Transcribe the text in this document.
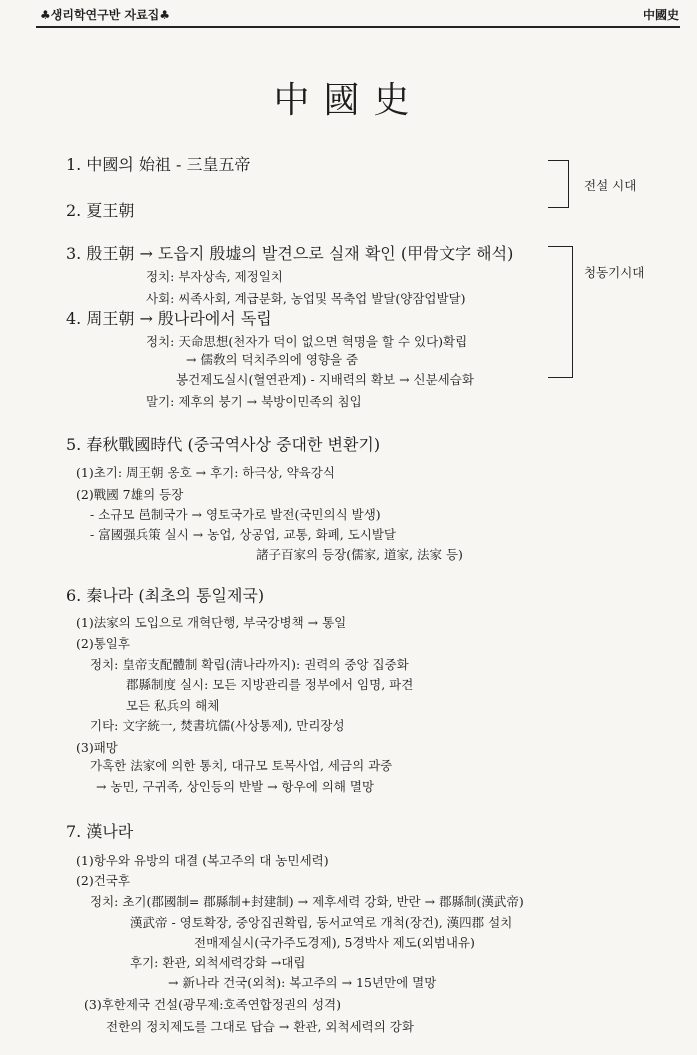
♣생리학연구반 자료집♣	中國史
中國史
전설 시대
청동기시대
1. 中國의 始祖 - 三皇五帝
2. 夏王朝
3. 殷王朝 → 도읍지 殷墟의 발견으로 실재 확인 (甲骨文字 해석)
정치: 부자상속, 제정일치
사회: 씨족사회, 계급분화, 농업및 목축업 발달(양잠업발달)
4. 周王朝 → 殷나라에서 독립
정치: 天命思想(천자가 덕이 없으면 혁명을 할 수 있다)확립
→ 儒敎의 덕치주의에 영향을 줌
봉건제도실시(혈연관계) - 지배력의 확보 → 신분세습화
말기: 제후의 붕기 → 북방이민족의 침입
5. 春秋戰國時代 (중국역사상 중대한 변환기)
(1)초기: 周王朝 옹호 → 후기: 하극상, 약육강식
(2)戰國 7雄의 등장
- 소규모 邑制국가 → 영토국가로 발전(국민의식 발생)
- 富國强兵策 실시 → 농업, 상공업, 교통, 화폐, 도시발달
諸子百家의 등장(儒家, 道家, 法家 등)
6. 秦나라 (최초의 통일제국)
(1)法家의 도입으로 개혁단행, 부국강병책 → 통일
(2)통일후
정치: 皇帝支配體制 확립(淸나라까지): 권력의 중앙 집중화
郡縣制度 실시: 모든 지방관리를 정부에서 임명, 파견
모든 私兵의 해체
기타: 文字統一, 焚書坑儒(사상통제), 만리장성
(3)패망
가혹한 法家에 의한 통치, 대규모 토목사업, 세금의 과중
→ 농민, 구귀족, 상인등의 반발 → 항우에 의해 멸망
7. 漢나라
(1)항우와 유방의 대결 (복고주의 대 농민세력)
(2)건국후
정치: 초기(郡國制= 郡縣制+封建制) → 제후세력 강화, 반란 → 郡縣制(漢武帝)
漢武帝 - 영토확장, 중앙집권확립, 동서교역로 개척(장건), 漢四郡 설치
전매제실시(국가주도경제), 5경박사 제도(외범내유)
후기: 환관, 외척세력강화 →대립
→ 新나라 건국(외척): 복고주의 → 15년만에 멸망
(3)후한제국 건설(광무제:호족연합정권의 성격)
전한의 정치제도를 그대로 답습 → 환관, 외척세력의 강화
